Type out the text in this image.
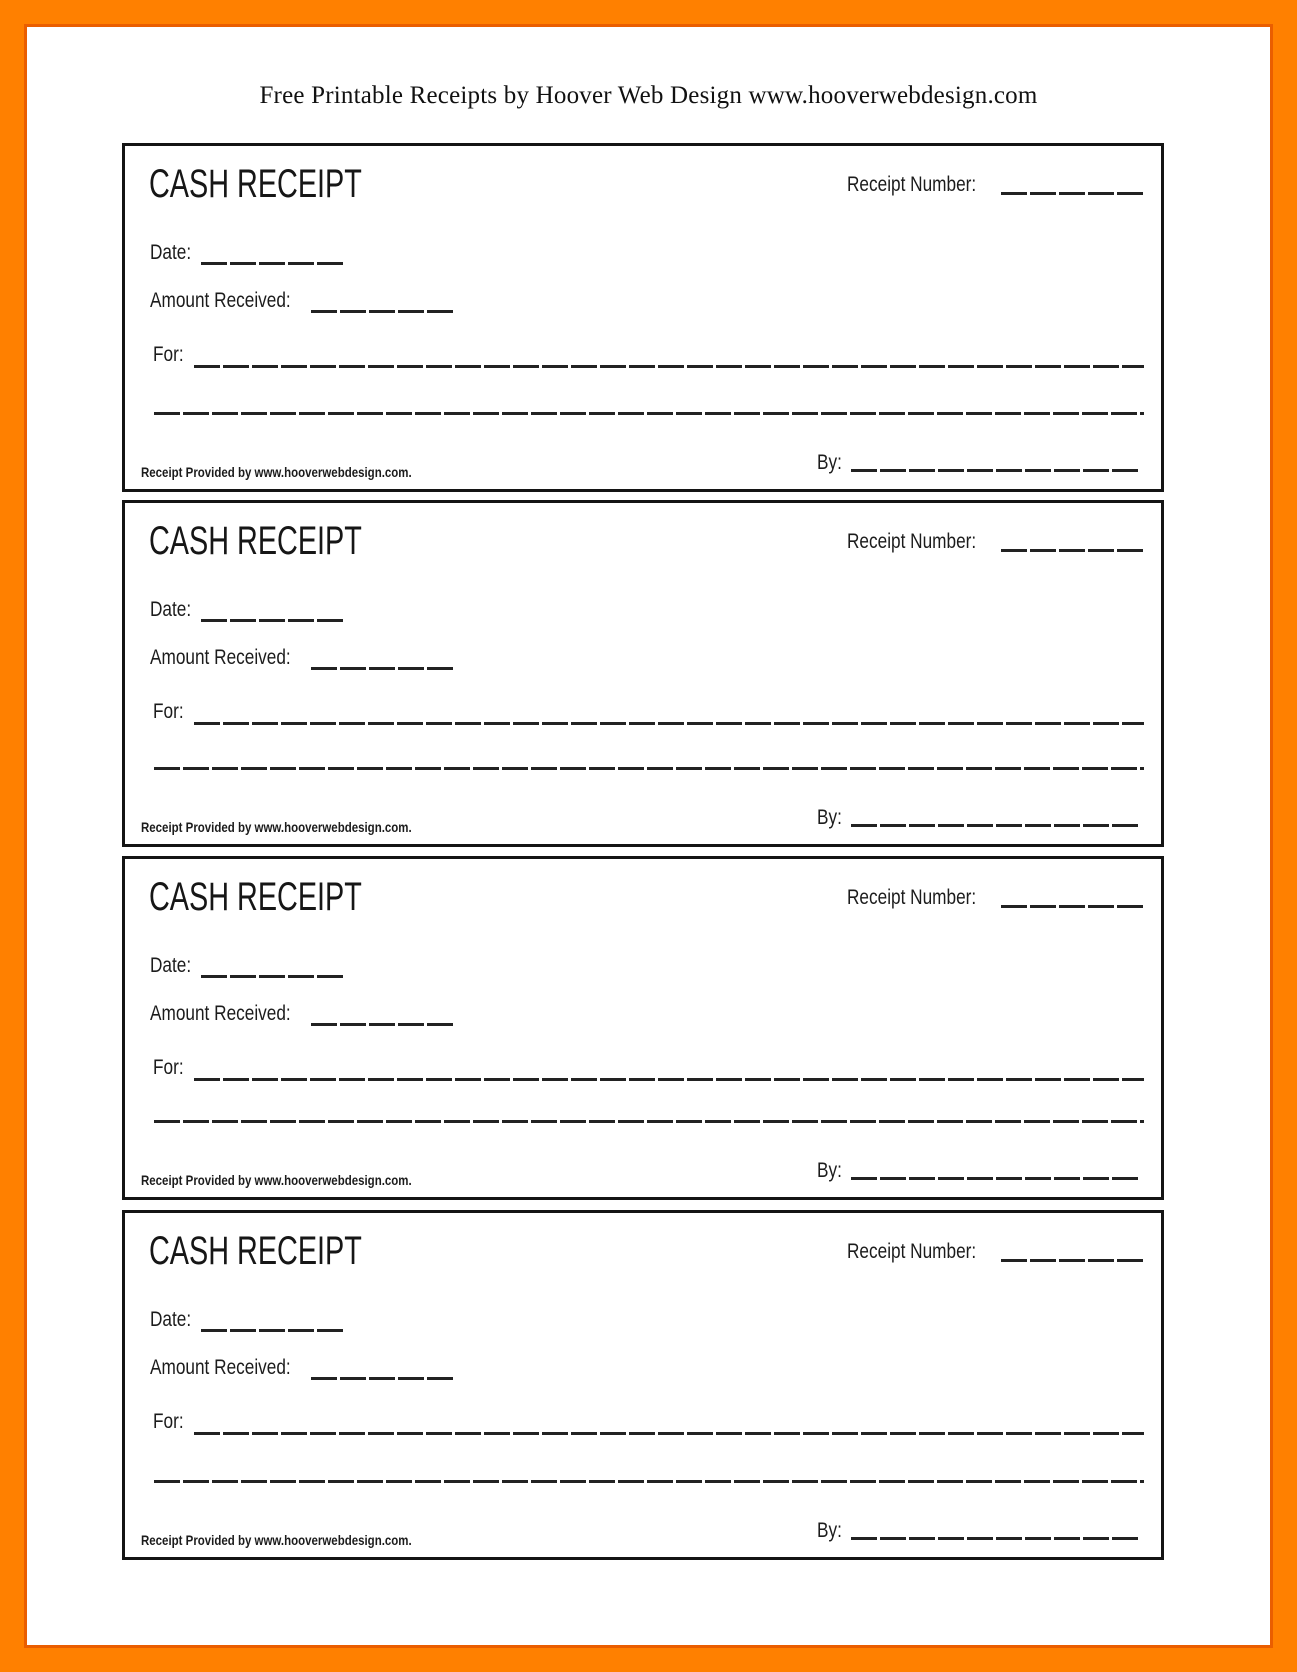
Free Printable Receipts by Hoover Web Design www.hooverwebdesign.com
CASH RECEIPT	Receipt Number:
Date:
Amount Received:
For:
Receipt Provided by www.hooverwebdesign.com.	By:
CASH RECEIPT	Receipt Number:
Date:
Amount Received:
For:
Receipt Provided by www.hooverwebdesign.com.	By:
CASH RECEIPT	Receipt Number:
Date:
Amount Received:
For:
Receipt Provided by www.hooverwebdesign.com.	By:
CASH RECEIPT	Receipt Number:
Date:
Amount Received:
For:
Receipt Provided by www.hooverwebdesign.com.	By:
